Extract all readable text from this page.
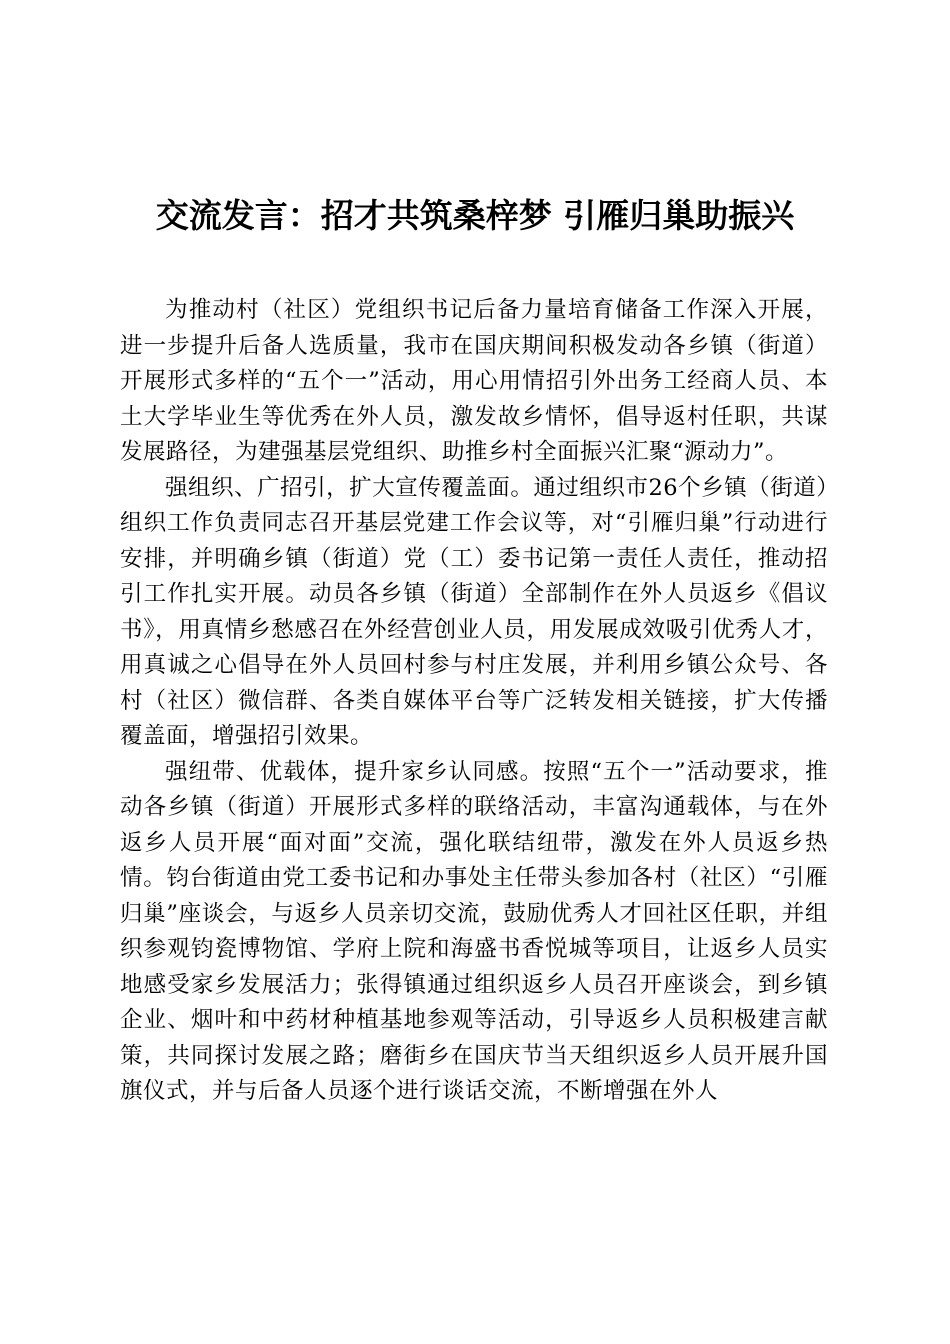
交流发言：招才共筑桑梓梦 引雁归巢助振兴

为推动村（社区）党组织书记后备力量培育储备工作深入开展，进一步提升后备人选质量，我市在国庆期间积极发动各乡镇（街道）开展形式多样的“五个一”活动，用心用情招引外出务工经商人员、本土大学毕业生等优秀在外人员，激发故乡情怀，倡导返村任职，共谋发展路径，为建强基层党组织、助推乡村全面振兴汇聚“源动力”。

强组织、广招引，扩大宣传覆盖面。通过组织市26个乡镇（街道）组织工作负责同志召开基层党建工作会议等，对“引雁归巢”行动进行安排，并明确乡镇（街道）党（工）委书记第一责任人责任，推动招引工作扎实开展。动员各乡镇（街道）全部制作在外人员返乡《倡议书》，用真情乡愁感召在外经营创业人员，用发展成效吸引优秀人才，用真诚之心倡导在外人员回村参与村庄发展，并利用乡镇公众号、各村（社区）微信群、各类自媒体平台等广泛转发相关链接，扩大传播覆盖面，增强招引效果。

强纽带、优载体，提升家乡认同感。按照“五个一”活动要求，推动各乡镇（街道）开展形式多样的联络活动，丰富沟通载体，与在外返乡人员开展“面对面”交流，强化联结纽带，激发在外人员返乡热情。钧台街道由党工委书记和办事处主任带头参加各村（社区）“引雁归巢”座谈会，与返乡人员亲切交流，鼓励优秀人才回社区任职，并组织参观钧瓷博物馆、学府上院和海盛书香悦城等项目，让返乡人员实地感受家乡发展活力；张得镇通过组织返乡人员召开座谈会，到乡镇企业、烟叶和中药材种植基地参观等活动，引导返乡人员积极建言献策，共同探讨发展之路；磨街乡在国庆节当天组织返乡人员开展升国旗仪式，并与后备人员逐个进行谈话交流，不断增强在外人
